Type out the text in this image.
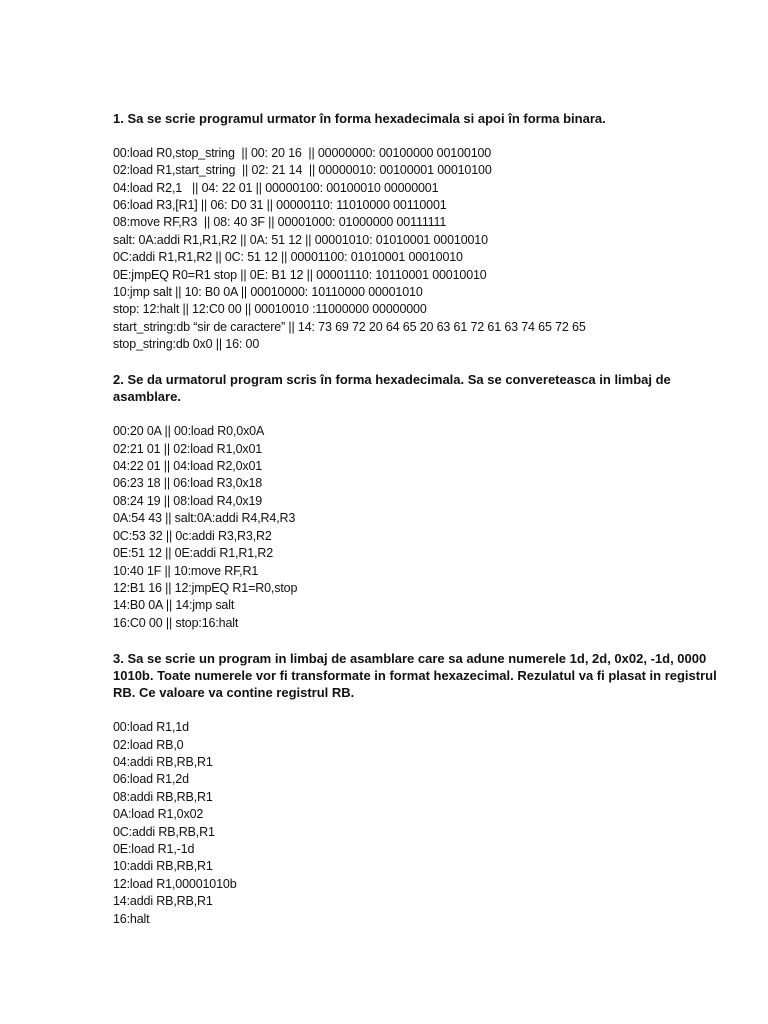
1. Sa se scrie programul urmator în forma hexadecimala si apoi în forma binara.
00:load R0,stop_string  || 00: 20 16  || 00000000: 00100000 00100100
02:load R1,start_string  || 02: 21 14  || 00000010: 00100001 00010100
04:load R2,1   || 04: 22 01 || 00000100: 00100010 00000001
06:load R3,[R1] || 06: D0 31 || 00000110: 11010000 00110001
08:move RF,R3  || 08: 40 3F || 00001000: 01000000 00111111
salt: 0A:addi R1,R1,R2 || 0A: 51 12 || 00001010: 01010001 00010010
0C:addi R1,R1,R2 || 0C: 51 12 || 00001100: 01010001 00010010
0E:jmpEQ R0=R1 stop || 0E: B1 12 || 00001110: 10110001 00010010
10:jmp salt || 10: B0 0A || 00010000: 10110000 00001010
stop: 12:halt || 12:C0 00 || 00010010 :11000000 00000000
start_string:db “sir de caractere” || 14: 73 69 72 20 64 65 20 63 61 72 61 63 74 65 72 65
stop_string:db 0x0 || 16: 00
2. Se da urmatorul program scris în forma hexadecimala. Sa se convereteasca in limbaj de asamblare.
00:20 0A || 00:load R0,0x0A
02:21 01 || 02:load R1,0x01
04:22 01 || 04:load R2,0x01
06:23 18 || 06:load R3,0x18
08:24 19 || 08:load R4,0x19
0A:54 43 || salt:0A:addi R4,R4,R3
0C:53 32 || 0c:addi R3,R3,R2
0E:51 12 || 0E:addi R1,R1,R2
10:40 1F || 10:move RF,R1
12:B1 16 || 12:jmpEQ R1=R0,stop
14:B0 0A || 14:jmp salt
16:C0 00 || stop:16:halt
3. Sa se scrie un program in limbaj de asamblare care sa adune numerele 1d, 2d, 0x02, -1d, 0000 1010b. Toate numerele vor fi transformate in format hexazecimal. Rezulatul va fi plasat in registrul RB. Ce valoare va contine registrul RB.
00:load R1,1d
02:load RB,0
04:addi RB,RB,R1
06:load R1,2d
08:addi RB,RB,R1
0A:load R1,0x02
0C:addi RB,RB,R1
0E:load R1,-1d
10:addi RB,RB,R1
12:load R1,00001010b
14:addi RB,RB,R1
16:halt
